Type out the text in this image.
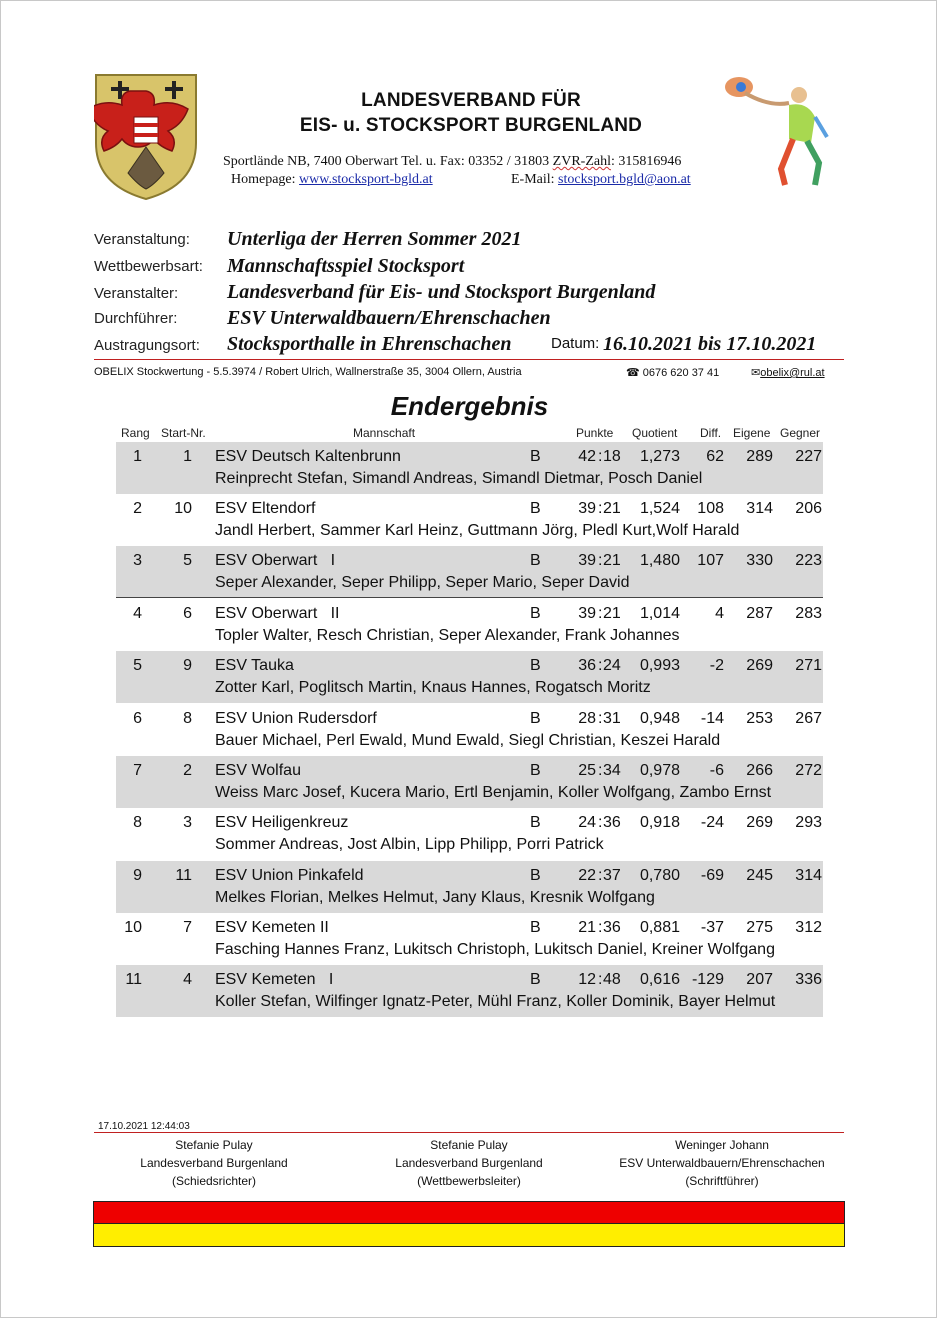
LANDESVERBAND FÜR
EIS- u. STOCKSPORT BURGENLAND
Sportlände NB, 7400 Oberwart Tel. u. Fax: 03352 / 31803 ZVR-Zahl: 315816946
Homepage: www.stocksport-bgld.at	E-Mail: stocksport.bgld@aon.at
Veranstaltung: Unterliga der Herren Sommer 2021
Wettbewerbsart: Mannschaftsspiel Stocksport
Veranstalter: Landesverband für Eis- und Stocksport Burgenland
Durchführer: ESV Unterwaldbauern/Ehrenschachen
Austragungsort: Stocksporthalle in Ehrenschachen	Datum: 16.10.2021 bis 17.10.2021
OBELIX Stockwertung - 5.5.3974 / Robert Ulrich, Wallnerstraße 35, 3004 Ollern, Austria	☎ 0676 620 37 41	✉obelix@rul.at
Endergebnis
Rang Start-Nr.	Mannschaft	Punkte Quotient Diff. Eigene Gegner
1	1 ESV Deutsch Kaltenbrunn	B	42 : 18	1,273	62	289	227
Reinprecht Stefan, Simandl Andreas, Simandl Dietmar, Posch Daniel
2	10 ESV Eltendorf	B	39 : 21	1,524	108	314	206
Jandl Herbert, Sammer Karl Heinz, Guttmann Jörg, Pledl Kurt,Wolf Harald
3	5 ESV Oberwart   I	B	39 : 21	1,480	107	330	223
Seper Alexander, Seper Philipp, Seper Mario, Seper David
4	6 ESV Oberwart   II	B	39 : 21	1,014	4	287	283
Topler Walter, Resch Christian, Seper Alexander, Frank Johannes
5	9 ESV Tauka	B	36 : 24	0,993	-2	269	271
Zotter Karl, Poglitsch Martin, Knaus Hannes, Rogatsch Moritz
6	8 ESV Union Rudersdorf	B	28 : 31	0,948	-14	253	267
Bauer Michael, Perl Ewald, Mund Ewald, Siegl Christian, Keszei Harald
7	2 ESV Wolfau	B	25 : 34	0,978	-6	266	272
Weiss Marc Josef, Kucera Mario, Ertl Benjamin, Koller Wolfgang, Zambo Ernst
8	3 ESV Heiligenkreuz	B	24 : 36	0,918	-24	269	293
Sommer Andreas, Jost Albin, Lipp Philipp, Porri Patrick
9	11 ESV Union Pinkafeld	B	22 : 37	0,780	-69	245	314
Melkes Florian, Melkes Helmut, Jany Klaus, Kresnik Wolfgang
10	7 ESV Kemeten II	B	21 : 36	0,881	-37	275	312
Fasching Hannes Franz, Lukitsch Christoph, Lukitsch Daniel, Kreiner Wolfgang
11	4 ESV Kemeten   I	B	12 : 48	0,616 -129	207	336
Koller Stefan, Wilfinger Ignatz-Peter, Mühl Franz, Koller Dominik, Bayer Helmut
17.10.2021 12:44:03
Stefanie Pulay
Landesverband Burgenland
(Schiedsrichter)
Stefanie Pulay
Landesverband Burgenland
(Wettbewerbsleiter)
Weninger Johann
ESV Unterwaldbauern/Ehrenschachen
(Schriftführer)
